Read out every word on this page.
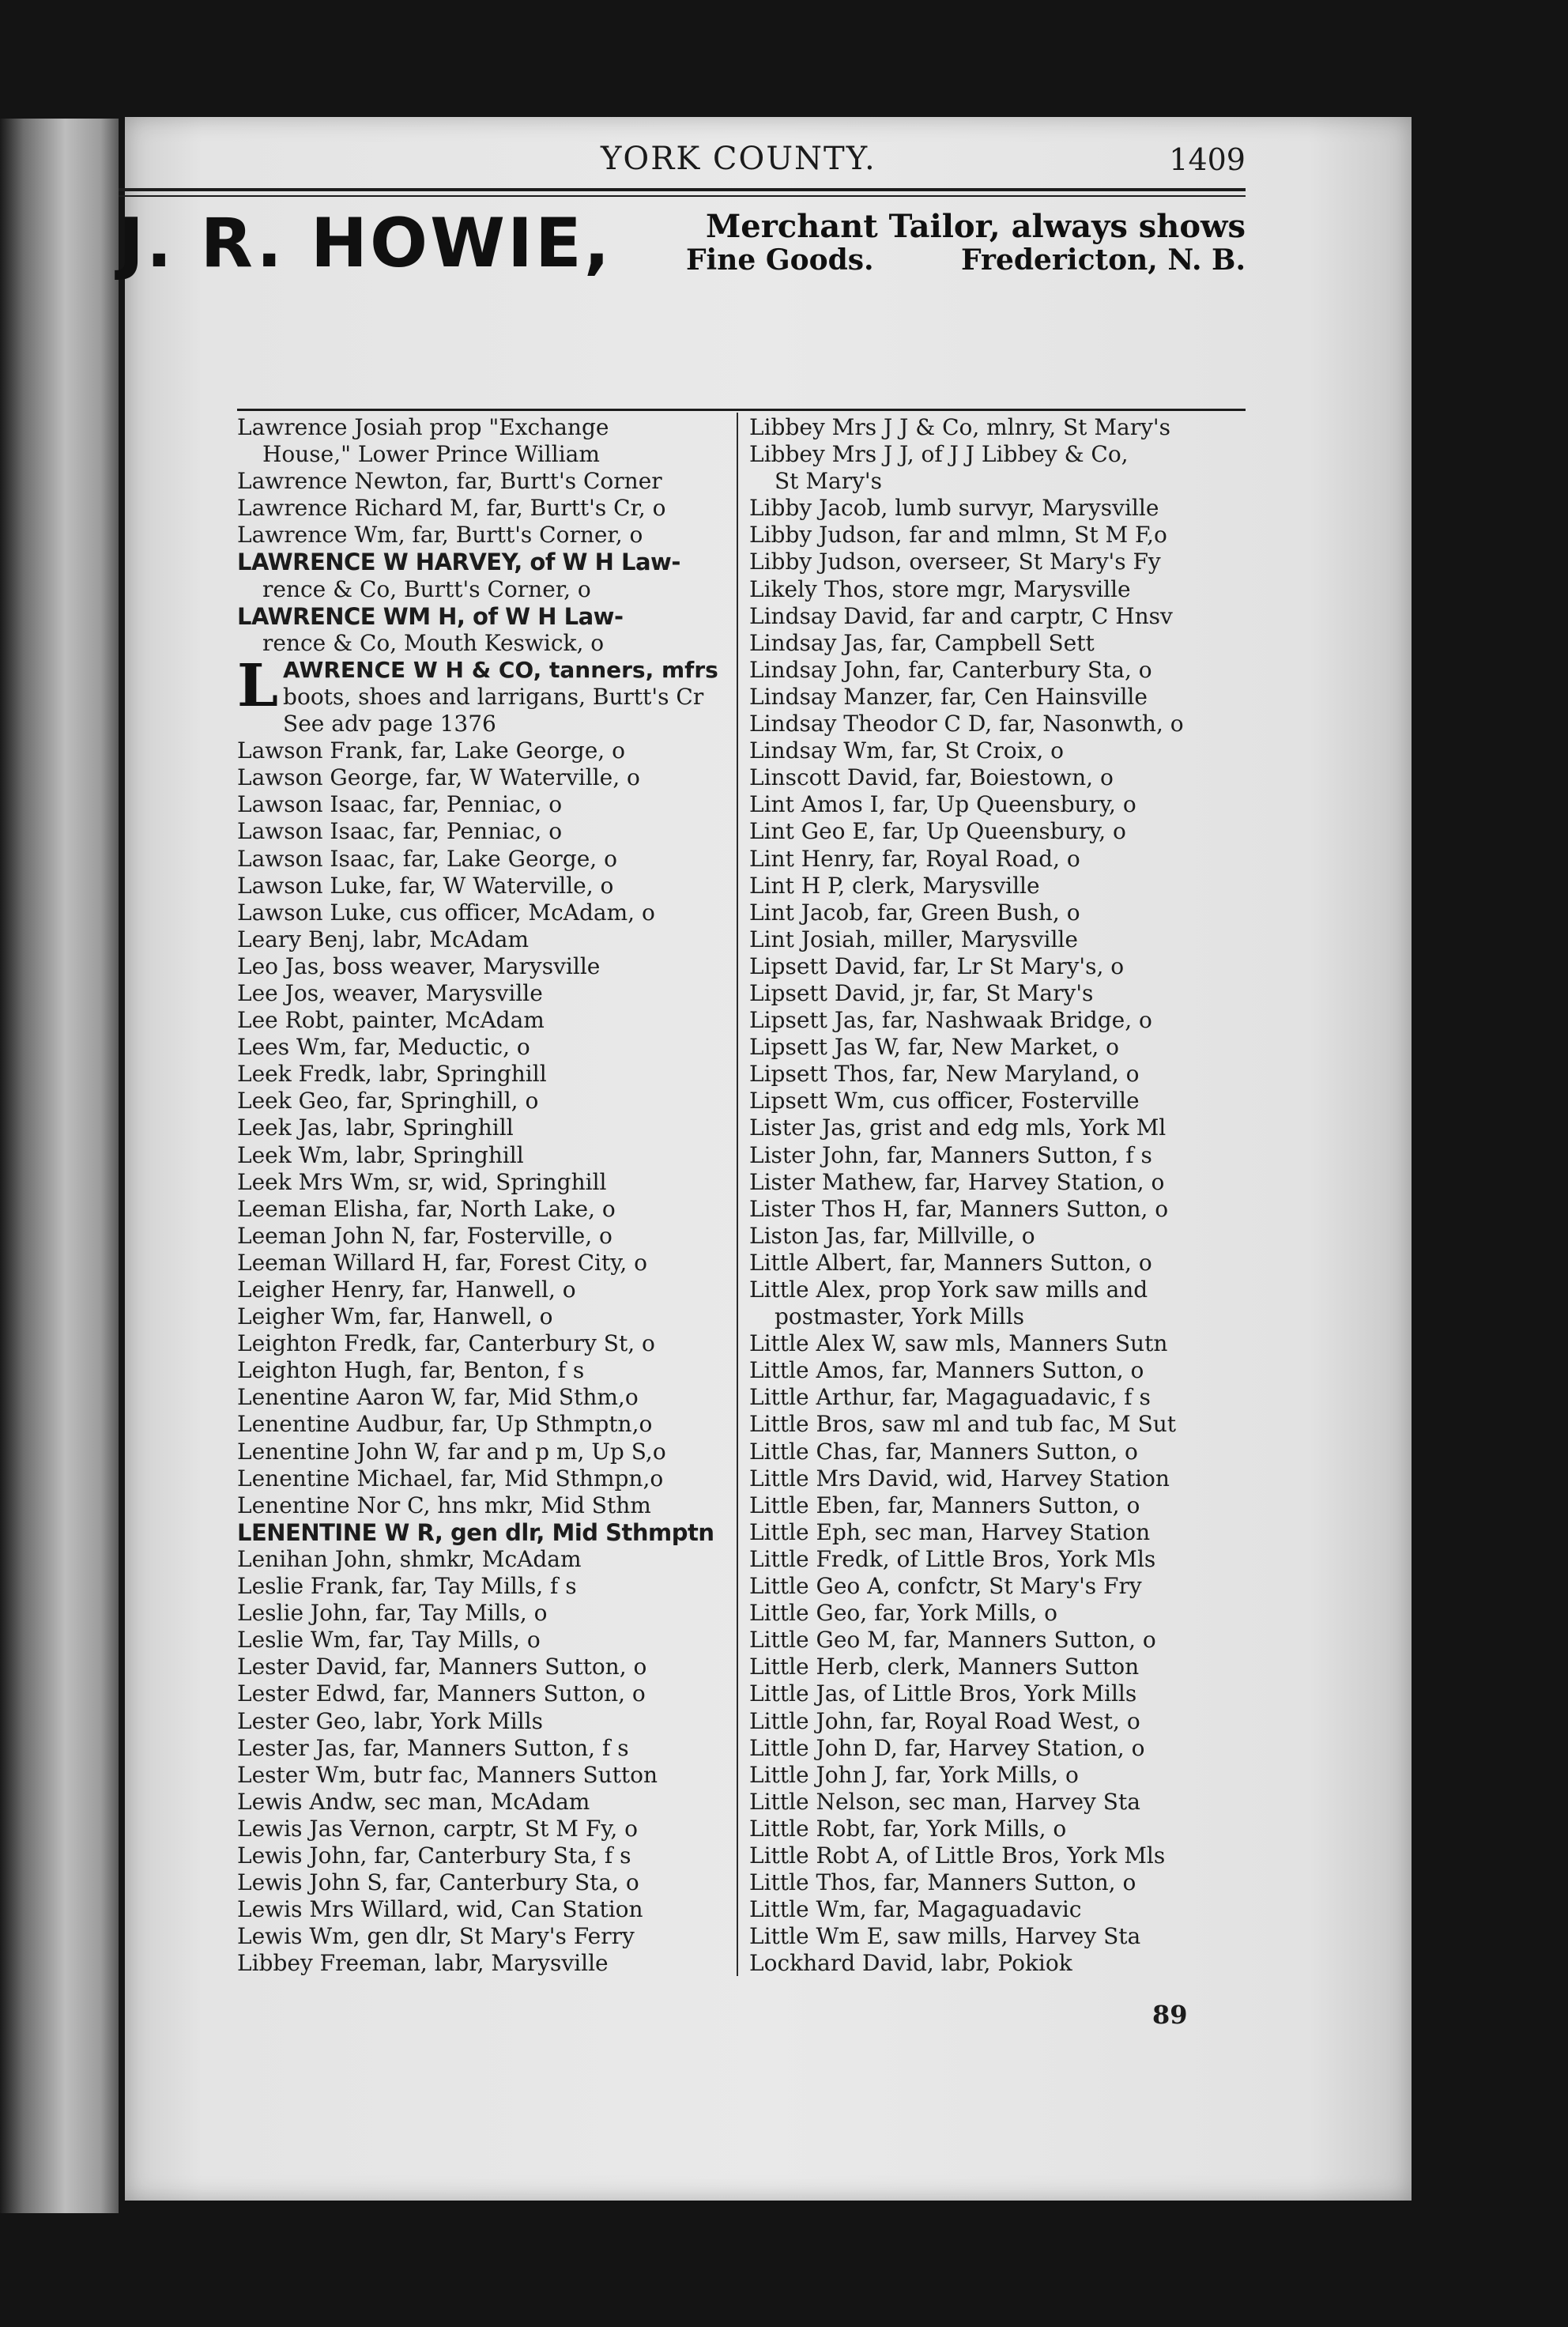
YORK COUNTY.	1409
J. R. HOWIE,	Merchant Tailor, always shows
Fine Goods.	Fredericton, N. B.
Lawrence Josiah prop "Exchange
House," Lower Prince William
Lawrence Newton, far, Burtt's Corner
Lawrence Richard M, far, Burtt's Cr, o
Lawrence Wm, far, Burtt's Corner, o
LAWRENCE W HARVEY, of W H Law-
rence & Co, Burtt's Corner, o
LAWRENCE WM H, of W H Law-
rence & Co, Mouth Keswick, o
LAWRENCE W H & CO, tanners, mfrs
boots, shoes and larrigans, Burtt's Cr
See adv page 1376
Lawson Frank, far, Lake George, o
Lawson George, far, W Waterville, o
Lawson Isaac, far, Penniac, o
Lawson Isaac, far, Penniac, o
Lawson Isaac, far, Lake George, o
Lawson Luke, far, W Waterville, o
Lawson Luke, cus officer, McAdam, o
Leary Benj, labr, McAdam
Leo Jas, boss weaver, Marysville
Lee Jos, weaver, Marysville
Lee Robt, painter, McAdam
Lees Wm, far, Meductic, o
Leek Fredk, labr, Springhill
Leek Geo, far, Springhill, o
Leek Jas, labr, Springhill
Leek Wm, labr, Springhill
Leek Mrs Wm, sr, wid, Springhill
Leeman Elisha, far, North Lake, o
Leeman John N, far, Fosterville, o
Leeman Willard H, far, Forest City, o
Leigher Henry, far, Hanwell, o
Leigher Wm, far, Hanwell, o
Leighton Fredk, far, Canterbury St, o
Leighton Hugh, far, Benton, f s
Lenentine Aaron W, far, Mid Sthm,o
Lenentine Audbur, far, Up Sthmptn,o
Lenentine John W, far and p m, Up S,o
Lenentine Michael, far, Mid Sthmpn,o
Lenentine Nor C, hns mkr, Mid Sthm
LENENTINE W R, gen dlr, Mid Sthmptn
Lenihan John, shmkr, McAdam
Leslie Frank, far, Tay Mills, f s
Leslie John, far, Tay Mills, o
Leslie Wm, far, Tay Mills, o
Lester David, far, Manners Sutton, o
Lester Edwd, far, Manners Sutton, o
Lester Geo, labr, York Mills
Lester Jas, far, Manners Sutton, f s
Lester Wm, butr fac, Manners Sutton
Lewis Andw, sec man, McAdam
Lewis Jas Vernon, carptr, St M Fy, o
Lewis John, far, Canterbury Sta, f s
Lewis John S, far, Canterbury Sta, o
Lewis Mrs Willard, wid, Can Station
Lewis Wm, gen dlr, St Mary's Ferry
Libbey Freeman, labr, Marysville
Libbey Mrs J J & Co, mlnry, St Mary's
Libbey Mrs J J, of J J Libbey & Co,
St Mary's
Libby Jacob, lumb survyr, Marysville
Libby Judson, far and mlmn, St M F,o
Libby Judson, overseer, St Mary's Fy
Likely Thos, store mgr, Marysville
Lindsay David, far and carptr, C Hnsv
Lindsay Jas, far, Campbell Sett
Lindsay John, far, Canterbury Sta, o
Lindsay Manzer, far, Cen Hainsville
Lindsay Theodor C D, far, Nasonwth, o
Lindsay Wm, far, St Croix, o
Linscott David, far, Boiestown, o
Lint Amos I, far, Up Queensbury, o
Lint Geo E, far, Up Queensbury, o
Lint Henry, far, Royal Road, o
Lint H P, clerk, Marysville
Lint Jacob, far, Green Bush, o
Lint Josiah, miller, Marysville
Lipsett David, far, Lr St Mary's, o
Lipsett David, jr, far, St Mary's
Lipsett Jas, far, Nashwaak Bridge, o
Lipsett Jas W, far, New Market, o
Lipsett Thos, far, New Maryland, o
Lipsett Wm, cus officer, Fosterville
Lister Jas, grist and edg mls, York Ml
Lister John, far, Manners Sutton, f s
Lister Mathew, far, Harvey Station, o
Lister Thos H, far, Manners Sutton, o
Liston Jas, far, Millville, o
Little Albert, far, Manners Sutton, o
Little Alex, prop York saw mills and
postmaster, York Mills
Little Alex W, saw mls, Manners Sutn
Little Amos, far, Manners Sutton, o
Little Arthur, far, Magaguadavic, f s
Little Bros, saw ml and tub fac, M Sut
Little Chas, far, Manners Sutton, o
Little Mrs David, wid, Harvey Station
Little Eben, far, Manners Sutton, o
Little Eph, sec man, Harvey Station
Little Fredk, of Little Bros, York Mls
Little Geo A, confctr, St Mary's Fry
Little Geo, far, York Mills, o
Little Geo M, far, Manners Sutton, o
Little Herb, clerk, Manners Sutton
Little Jas, of Little Bros, York Mills
Little John, far, Royal Road West, o
Little John D, far, Harvey Station, o
Little John J, far, York Mills, o
Little Nelson, sec man, Harvey Sta
Little Robt, far, York Mills, o
Little Robt A, of Little Bros, York Mls
Little Thos, far, Manners Sutton, o
Little Wm, far, Magaguadavic
Little Wm E, saw mills, Harvey Sta
Lockhard David, labr, Pokiok
89
